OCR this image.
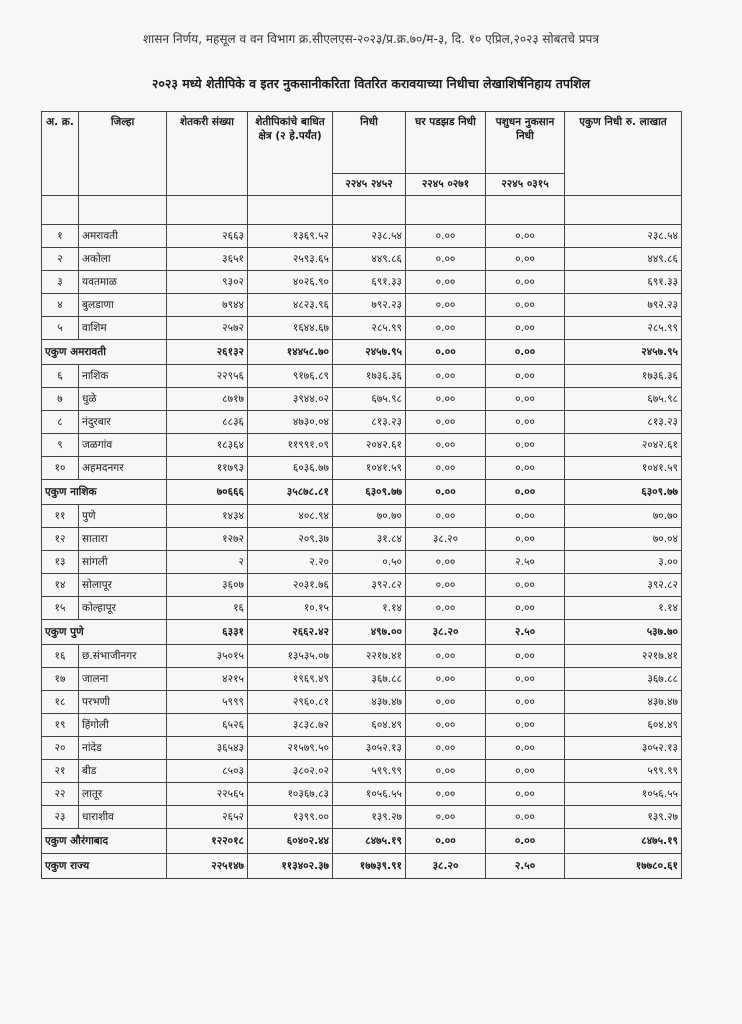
शासन निर्णय, महसूल व वन विभाग क्र.सीएलएस-२०२३/प्र.क्र.७०/म-३, दि. १० एप्रिल,२०२३ सोबतचे प्रपत्र
२०२३ मध्ये शेतीपिके व इतर नुकसानीकरिता वितरित करावयाच्या निधीचा लेखाशिर्षनिहाय तपशिल
अ. क्र.	जिल्हा	शेतकरी संख्या	शेतीपिकांचे बाधित क्षेत्र (२ हे.पर्यंत)	निधी	घर पडझड निधी	पशुधन नुकसान निधी	एकुण निधी रु. लाखात
				२२४५ २४५२	२२४५ ०२७१	२२४५ ०३१५	

१	अमरावती	२६६३	१३६९.५२	२३८.५४	०.००	०.००	२३८.५४
२	अकोला	३६५१	२५९३.६५	४४९.८६	०.००	०.००	४४९.८६
३	यवतमाळ	९३०२	४०२६.९०	६९१.३३	०.००	०.००	६९१.३३
४	बुलडाणा	७९४४	४८२३.९६	७९२.२३	०.००	०.००	७९२.२३
५	वाशिम	२५७२	१६४४.६७	२८५.९९	०.००	०.००	२८५.९९
एकुण अमरावती		२६१३२	१४४५८.७०	२४५७.९५	०.००	०.००	२४५७.९५
६	नाशिक	२२९५६	९१७६.८९	१७३६.३६	०.००	०.००	१७३६.३६
७	धुळे	८७१७	३९४४.०२	६७५.९८	०.००	०.००	६७५.९८
८	नंदुरबार	८८३६	४७३०.०४	८१३.२३	०.००	०.००	८१३.२३
९	जळगांव	१८३६४	११९९१.०९	२०४२.६१	०.००	०.००	२०४२.६१
१०	अहमदनगर	११७९३	६०३६.७७	१०४१.५९	०.००	०.००	१०४१.५९
एकुण नाशिक		७०६६६	३५८७८.८१	६३०९.७७	०.००	०.००	६३०९.७७
११	पुणे	१४३४	४०८.९४	७०.७०	०.००	०.००	७०.७०
१२	सातारा	१२७२	२०९.३७	३१.८४	३८.२०	०.००	७०.०४
१३	सांगली	२	२.२०	०.५०	०.००	२.५०	३.००
१४	सोलापूर	३६०७	२०३१.७६	३९२.८२	०.००	०.००	३९२.८२
१५	कोल्हापूर	१६	१०.१५	१.१४	०.००	०.००	१.१४
एकुण पुणे		६३३१	२६६२.४२	४९७.००	३८.२०	२.५०	५३७.७०
१६	छ.संभाजीनगर	३५०१५	१३५३५.०७	२२१७.४१	०.००	०.००	२२१७.४१
१७	जालना	४२१५	१९६९.४९	३६७.८८	०.००	०.००	३६७.८८
१८	परभणी	५९९९	२९६०.८१	४३७.४७	०.००	०.००	४३७.४७
१९	हिंगोली	६५२६	३८३८.७२	६०४.४९	०.००	०.००	६०४.४९
२०	नांदेड	३६५४३	२१५७९.५०	३०५२.१३	०.००	०.००	३०५२.१३
२१	बीड	८५०३	३८०२.०२	५९९.९९	०.००	०.००	५९९.९९
२२	लातूर	२२५६५	१०३६७.८३	१०५६.५५	०.००	०.००	१०५६.५५
२३	धाराशीव	२६५२	१३९९.००	१३९.२७	०.००	०.००	१३९.२७
एकुण औरंगाबाद		१२२०१८	६०४०२.४४	८४७५.१९	०.००	०.००	८४७५.१९
एकुण राज्य		२२५१४७	११३४०२.३७	१७७३९.९१	३८.२०	२.५०	१७७८०.६१
